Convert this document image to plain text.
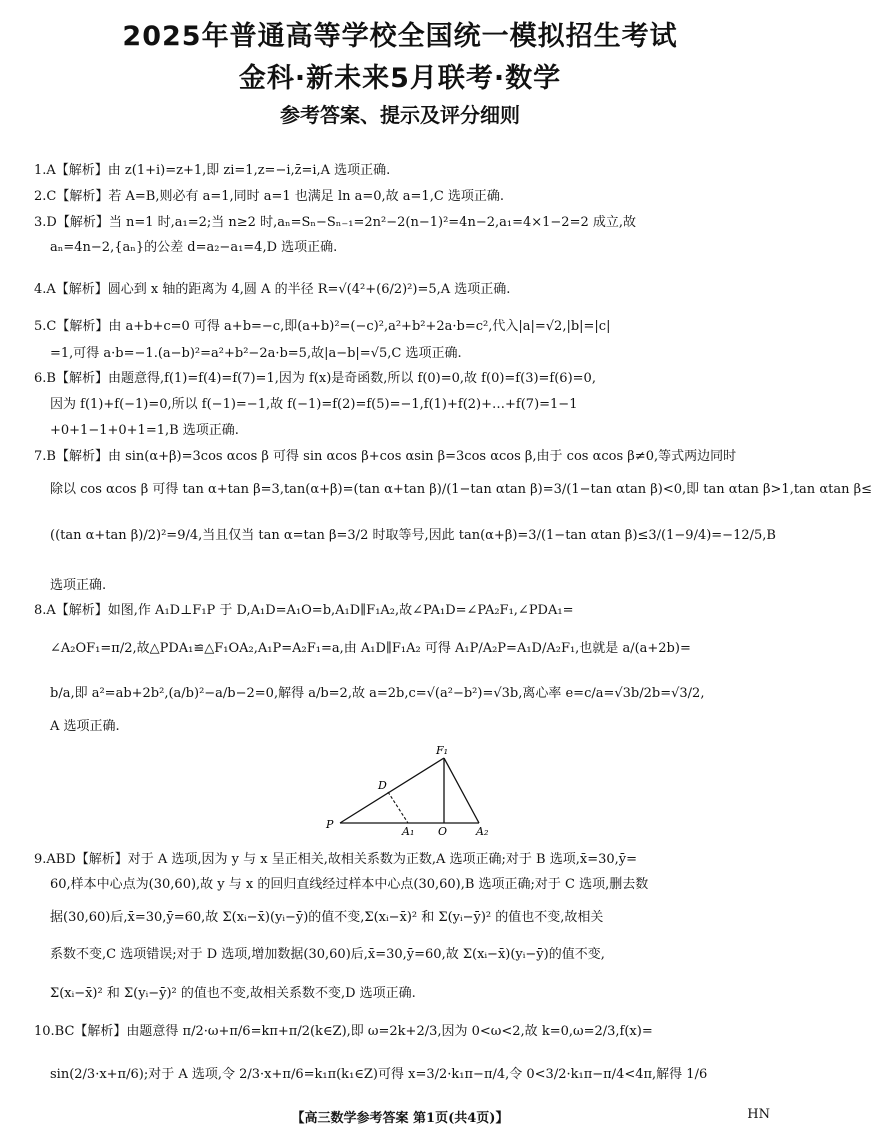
2025年普通高等学校全国统一模拟招生考试
金科·新未来5月联考·数学
参考答案、提示及评分细则
1.A【解析】由 z(1+i)=z+1,即 zi=1,z=−i,z̄=i,A 选项正确.
2.C【解析】若 A=B,则必有 a=1,同时 a=1 也满足 ln a=0,故 a=1,C 选项正确.
3.D【解析】当 n=1 时,a₁=2;当 n≥2 时,aₙ=Sₙ−Sₙ₋₁=2n²−2(n−1)²=4n−2,a₁=4×1−2=2 成立,故
aₙ=4n−2,{aₙ}的公差 d=a₂−a₁=4,D 选项正确.
4.A【解析】圆心到 x 轴的距离为 4,圆 A 的半径 R=√(4²+(6/2)²)=5,A 选项正确.
5.C【解析】由 a+b+c=0 可得 a+b=−c,即(a+b)²=(−c)²,a²+b²+2a·b=c²,代入|a|=√2,|b|=|c|
=1,可得 a·b=−1.(a−b)²=a²+b²−2a·b=5,故|a−b|=√5,C 选项正确.
6.B【解析】由题意得,f(1)=f(4)=f(7)=1,因为 f(x)是奇函数,所以 f(0)=0,故 f(0)=f(3)=f(6)=0,
因为 f(1)+f(−1)=0,所以 f(−1)=−1,故 f(−1)=f(2)=f(5)=−1,f(1)+f(2)+…+f(7)=1−1
+0+1−1+0+1=1,B 选项正确.
7.B【解析】由 sin(α+β)=3cos αcos β 可得 sin αcos β+cos αsin β=3cos αcos β,由于 cos αcos β≠0,等式两边同时
除以 cos αcos β 可得 tan α+tan β=3,tan(α+β)=(tan α+tan β)/(1−tan αtan β)=3/(1−tan αtan β)<0,即 tan αtan β>1,tan αtan β≤
((tan α+tan β)/2)²=9/4,当且仅当 tan α=tan β=3/2 时取等号,因此 tan(α+β)=3/(1−tan αtan β)≤3/(1−9/4)=−12/5,B
选项正确.
8.A【解析】如图,作 A₁D⊥F₁P 于 D,A₁D=A₁O=b,A₁D∥F₁A₂,故∠PA₁D=∠PA₂F₁,∠PDA₁=
∠A₂OF₁=π/2,故△PDA₁≌△F₁OA₂,A₁P=A₂F₁=a,由 A₁D∥F₁A₂ 可得 A₁P/A₂P=A₁D/A₂F₁,也就是 a/(a+2b)=
b/a,即 a²=ab+2b²,(a/b)²−a/b−2=0,解得 a/b=2,故 a=2b,c=√(a²−b²)=√3b,离心率 e=c/a=√3b/2b=√3/2,
A 选项正确.
F₁
D
P
A₁ O	A₂
9.ABD【解析】对于 A 选项,因为 y 与 x 呈正相关,故相关系数为正数,A 选项正确;对于 B 选项,x̄=30,ȳ=
60,样本中心点为(30,60),故 y 与 x 的回归直线经过样本中心点(30,60),B 选项正确;对于 C 选项,删去数
据(30,60)后,x̄=30,ȳ=60,故 Σ(xᵢ−x̄)(yᵢ−ȳ)的值不变,Σ(xᵢ−x̄)² 和 Σ(yᵢ−ȳ)² 的值也不变,故相关
系数不变,C 选项错误;对于 D 选项,增加数据(30,60)后,x̄=30,ȳ=60,故 Σ(xᵢ−x̄)(yᵢ−ȳ)的值不变,
Σ(xᵢ−x̄)² 和 Σ(yᵢ−ȳ)² 的值也不变,故相关系数不变,D 选项正确.
10.BC【解析】由题意得 π/2·ω+π/6=kπ+π/2(k∈Z),即 ω=2k+2/3,因为 0<ω<2,故 k=0,ω=2/3,f(x)=
sin(2/3·x+π/6);对于 A 选项,令 2/3·x+π/6=k₁π(k₁∈Z)可得 x=3/2·k₁π−π/4,令 0<3/2·k₁π−π/4<4π,解得 1/6
【高三数学参考答案 第1页(共4页)】	HN
